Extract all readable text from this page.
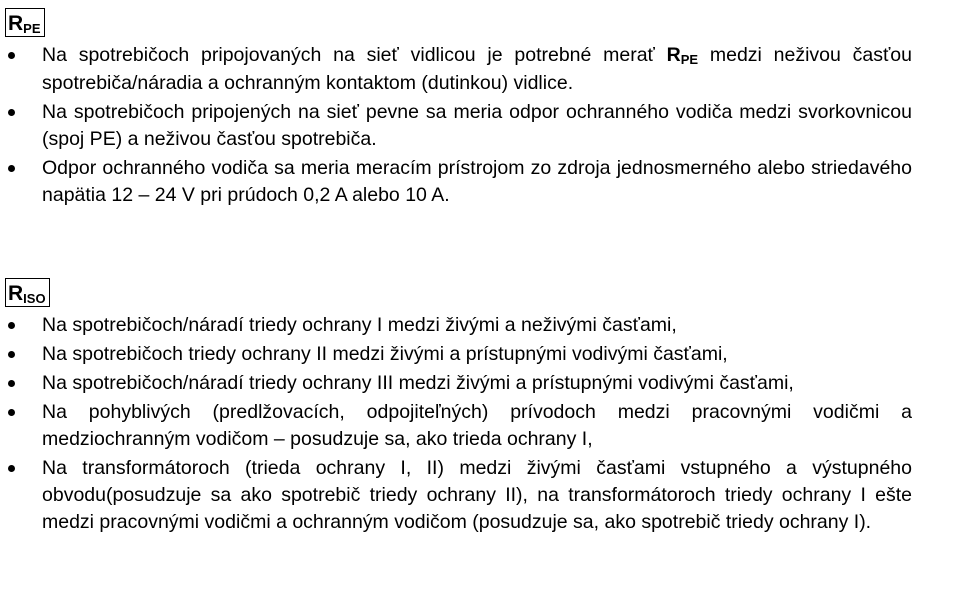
RPE
Na spotrebičoch pripojovaných na sieť vidlicou je potrebné merať RPE medzi neživou časťou spotrebiča/náradia a ochranným kontaktom (dutinkou) vidlice.
Na spotrebičoch pripojených na sieť pevne sa meria odpor ochranného vodiča medzi svorkovnicou (spoj PE) a neživou časťou spotrebiča.
Odpor ochranného vodiča sa meria meracím prístrojom zo zdroja jednosmerného alebo striedavého napätia 12 – 24 V pri prúdoch 0,2 A alebo 10 A.
RISO
Na spotrebičoch/náradí triedy ochrany I medzi živými a neživými časťami,
Na spotrebičoch triedy ochrany II medzi živými a prístupnými vodivými časťami,
Na spotrebičoch/náradí triedy ochrany III medzi živými a prístupnými vodivými časťami,
Na pohyblivých (predlžovacích, odpojiteľných) prívodoch medzi pracovnými vodičmi a medziochranným vodičom – posudzuje sa, ako trieda ochrany I,
Na transformátoroch (trieda ochrany I, II) medzi živými časťami vstupného a výstupného obvodu(posudzuje sa ako spotrebič triedy ochrany II), na transformátoroch triedy ochrany I ešte medzi pracovnými vodičmi a ochranným vodičom (posudzuje sa, ako spotrebič triedy ochrany I).
